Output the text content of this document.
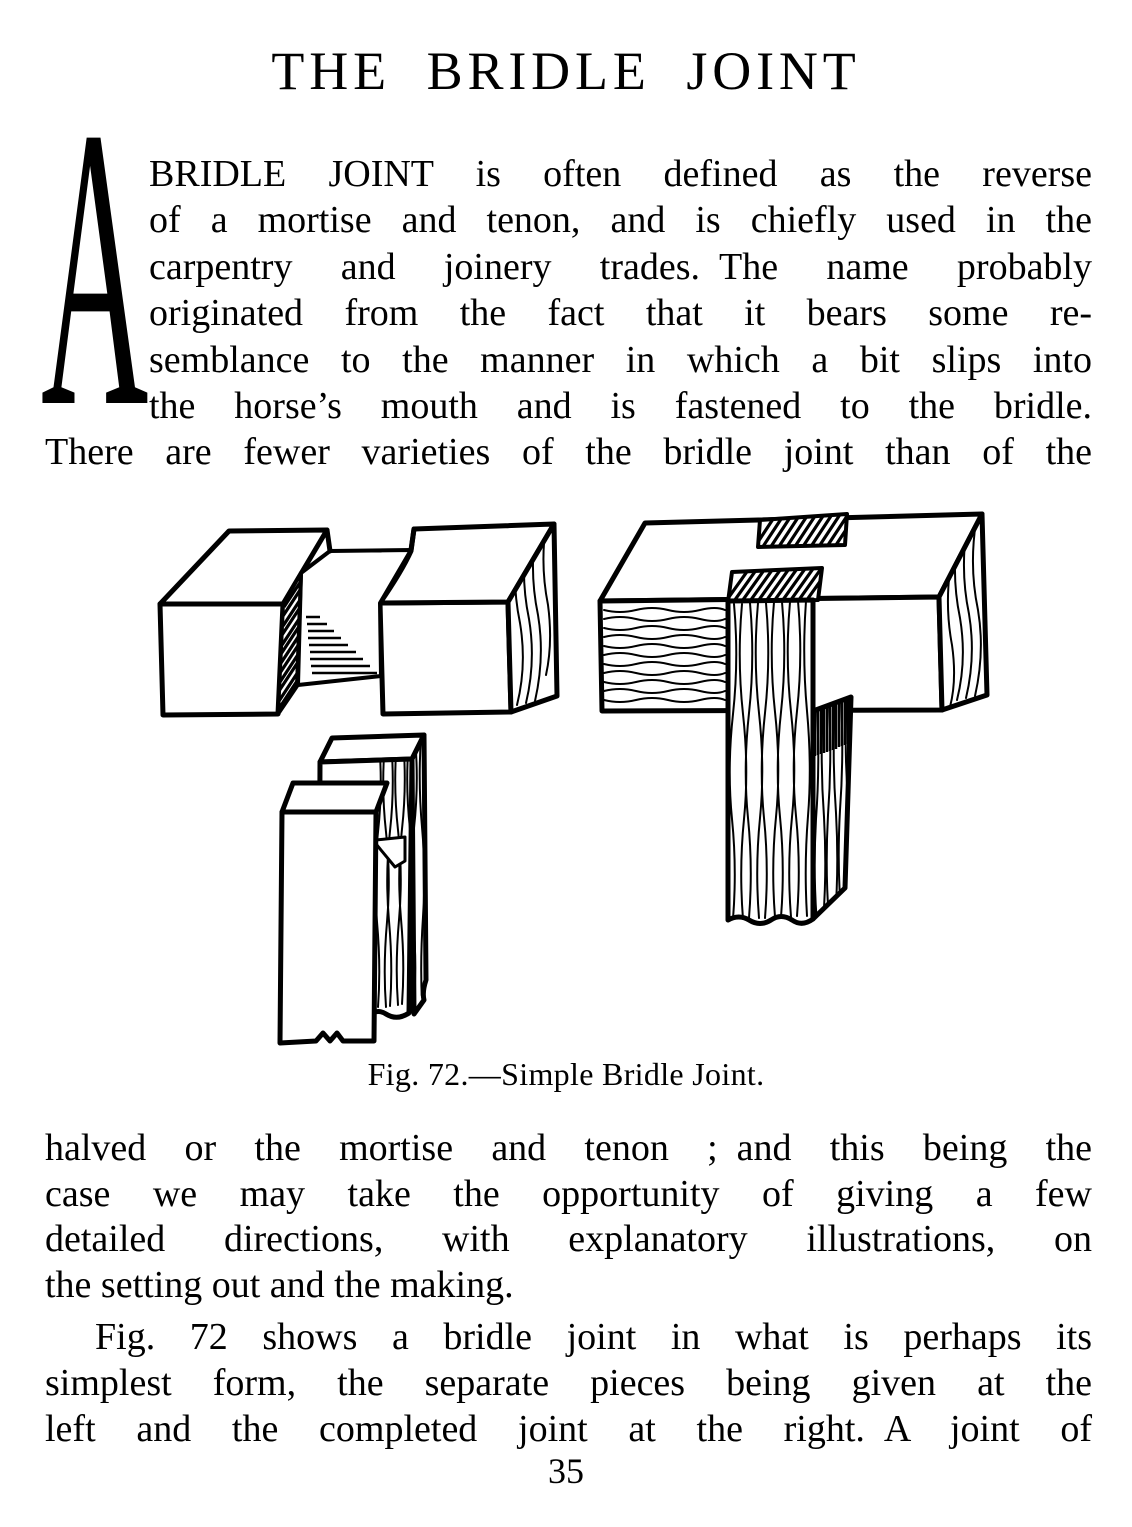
THE BRIDLE JOINT
A BRIDLE JOINT is often defined as the reverse
of a mortise and tenon, and is chiefly used in the
carpentry and joinery trades. The name probably
originated from the fact that it bears some re-
semblance to the manner in which a bit slips into
the horse’s mouth and is fastened to the bridle.
There are fewer varieties of the bridle joint than of the
Fig. 72.—Simple Bridle Joint.
halved or the mortise and tenon ; and this being the
case we may take the opportunity of giving a few
detailed directions, with explanatory illustrations, on
the setting out and the making.
Fig. 72 shows a bridle joint in what is perhaps its
simplest form, the separate pieces being given at the
left and the completed joint at the right. A joint of
35
